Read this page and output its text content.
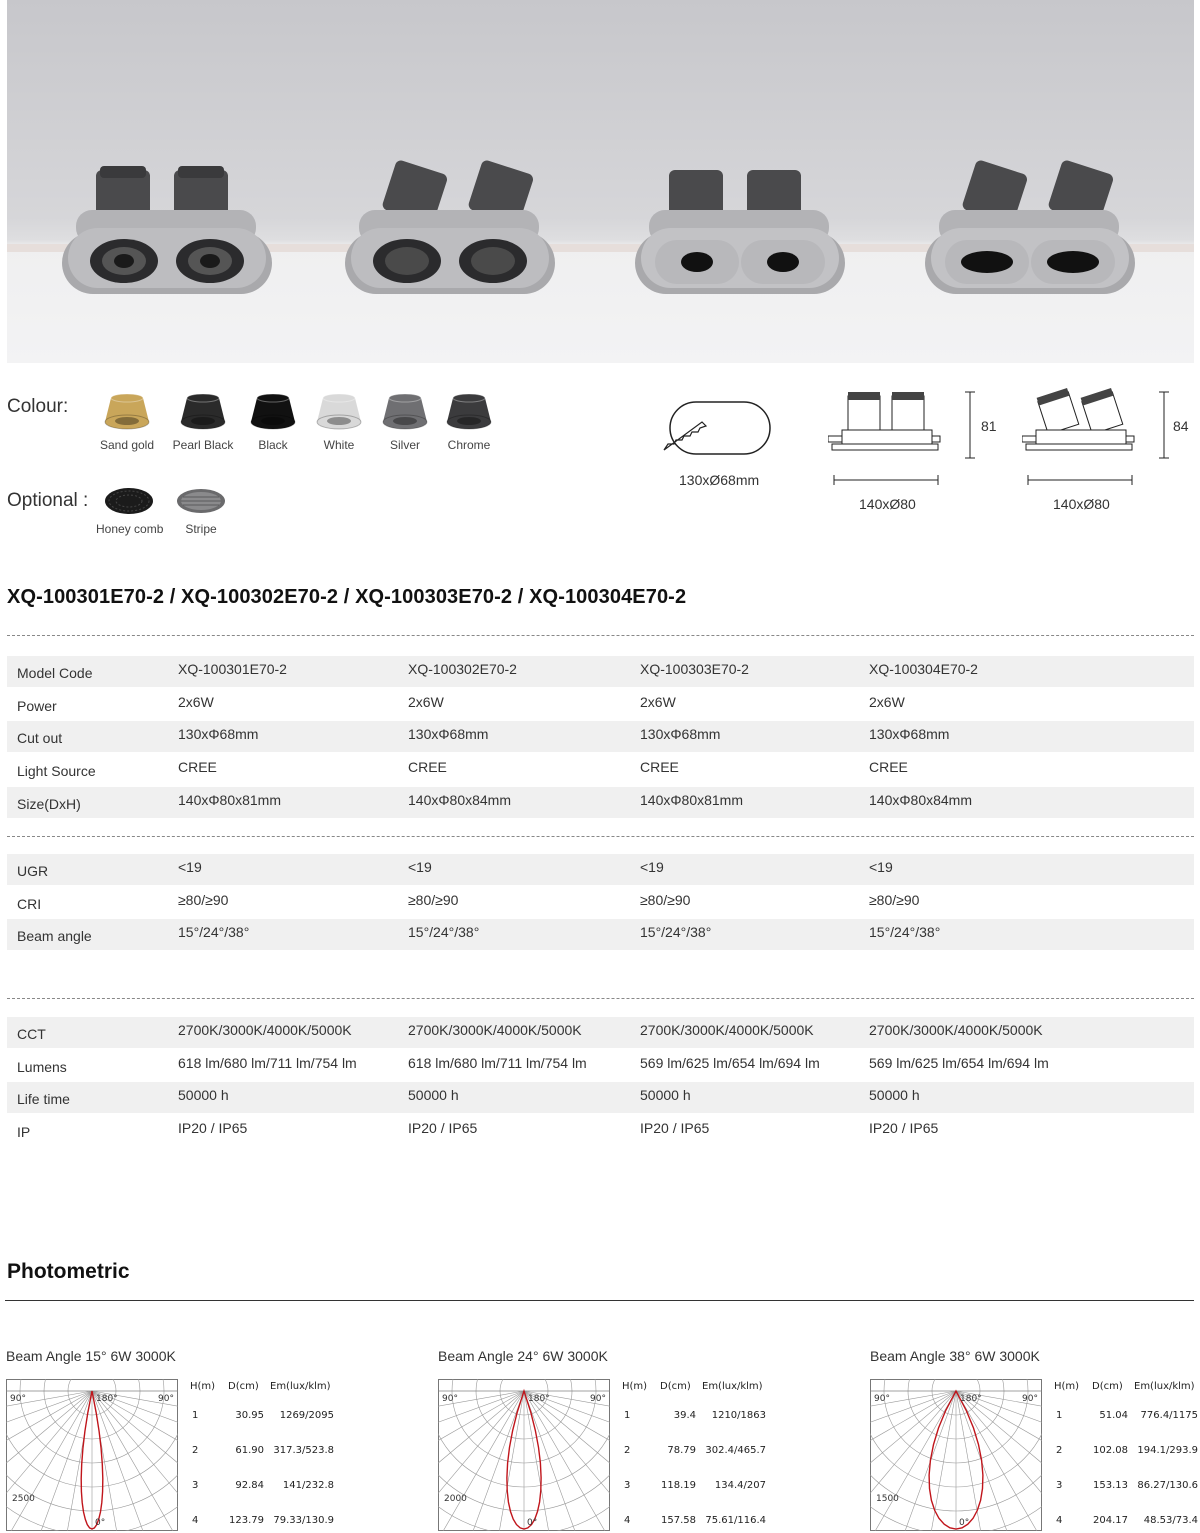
Colour:
Sand gold	Pearl Black	Black	White	Silver	Chrome
Optional :
Honey comb	Stripe
130xØ68mm
81
140xØ80
84
140xØ80
XQ-100301E70-2 / XQ-100302E70-2 / XQ-100303E70-2 / XQ-100304E70-2
Model Code	XQ-100301E70-2	XQ-100302E70-2	XQ-100303E70-2	XQ-100304E70-2
Power	2x6W	2x6W	2x6W	2x6W
Cut out	130xΦ68mm	130xΦ68mm	130xΦ68mm	130xΦ68mm
Light Source	CREE	CREE	CREE	CREE
Size(DxH)	140xΦ80x81mm	140xΦ80x84mm	140xΦ80x81mm	140xΦ80x84mm
UGR	<19	<19	<19	<19
CRI	≥80/≥90	≥80/≥90	≥80/≥90	≥80/≥90
Beam angle	15°/24°/38°	15°/24°/38°	15°/24°/38°	15°/24°/38°
CCT	2700K/3000K/4000K/5000K	2700K/3000K/4000K/5000K	2700K/3000K/4000K/5000K	2700K/3000K/4000K/5000K
Lumens	618 lm/680 lm/711 lm/754 lm	618 lm/680 lm/711 lm/754 lm	569 lm/625 lm/654 lm/694 lm	569 lm/625 lm/654 lm/694 lm
Life time	50000 h	50000 h	50000 h	50000 h
IP	IP20 / IP65	IP20 / IP65	IP20 / IP65	IP20 / IP65
Photometric
Beam Angle 15° 6W 3000K
90°	180°	90°
0°
2500
H(m) D(cm) Em(lux/klm)
1	30.95 1269/2095
2	61.90 317.3/523.8
3	92.84 141/232.8
4	123.79 79.33/130.9
Beam Angle 24° 6W 3000K
90°	180°	90°
0°
2000
H(m) D(cm) Em(lux/klm)
1	39.4 1210/1863
2	78.79 302.4/465.7
3	118.19 134.4/207
4	157.58 75.61/116.4
Beam Angle 38° 6W 3000K
90°	180°	90°
0°
1500
H(m) D(cm) Em(lux/klm)
1	51.04 776.4/1175
2	102.08 194.1/293.9
3	153.13 86.27/130.6
4	204.17 48.53/73.4
